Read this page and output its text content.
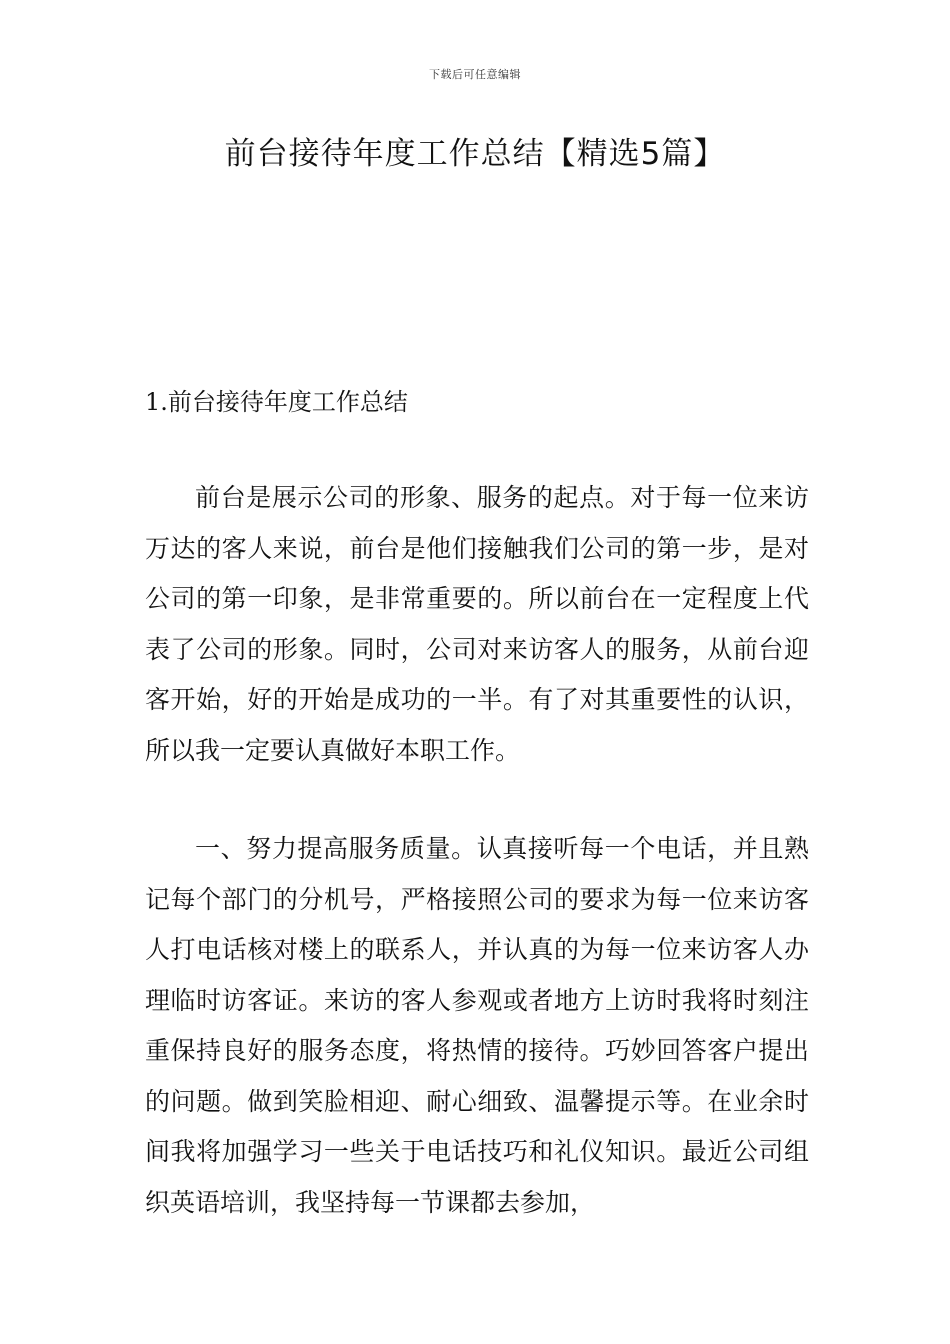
下载后可任意编辑
前台接待年度工作总结【精选5篇】
1.前台接待年度工作总结

前台是展示公司的形象、服务的起点。对于每一位来访万达的客人来说，前台是他们接触我们公司的第一步，是对公司的第一印象，是非常重要的。所以前台在一定程度上代表了公司的形象。同时，公司对来访客人的服务，从前台迎客开始，好的开始是成功的一半。有了对其重要性的认识，所以我一定要认真做好本职工作。

一、努力提高服务质量。认真接听每一个电话，并且熟记每个部门的分机号，严格接照公司的要求为每一位来访客人打电话核对楼上的联系人，并认真的为每一位来访客人办理临时访客证。来访的客人参观或者地方上访时我将时刻注重保持良好的服务态度，将热情的接待。巧妙回答客户提出的问题。做到笑脸相迎、耐心细致、温馨提示等。在业余时间我将加强学习一些关于电话技巧和礼仪知识。最近公司组织英语培训，我坚持每一节课都去参加，
